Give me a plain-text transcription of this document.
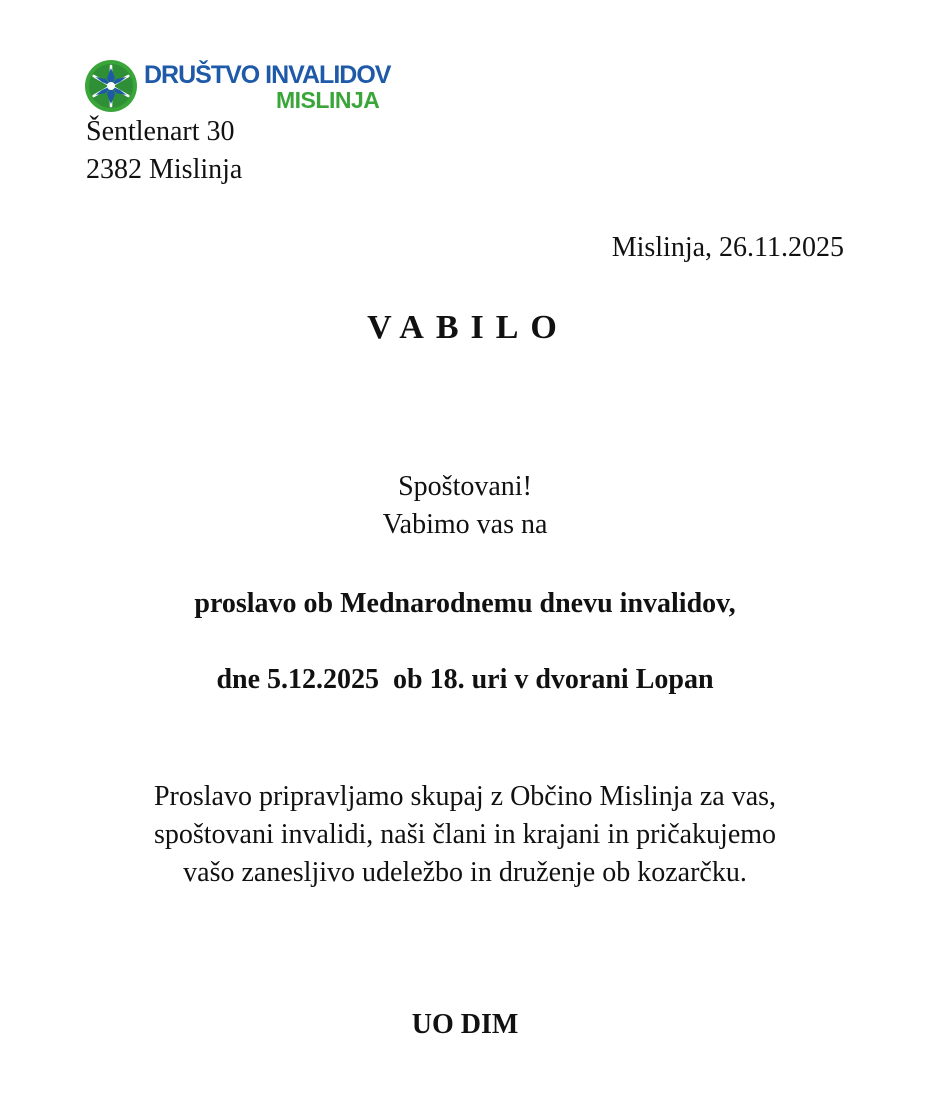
DRUŠTVO INVALIDOV
MISLINJA
Šentlenart 30
2382 Mislinja
Mislinja, 26.11.2025
VABILO
Spoštovani!
Vabimo vas na
proslavo ob Mednarodnemu dnevu invalidov,
dne 5.12.2025  ob 18. uri v dvorani Lopan
Proslavo pripravljamo skupaj z Občino Mislinja za vas,
spoštovani invalidi, naši člani in krajani in pričakujemo
vašo zanesljivo udeležbo in druženje ob kozarčku.
UO DIM
